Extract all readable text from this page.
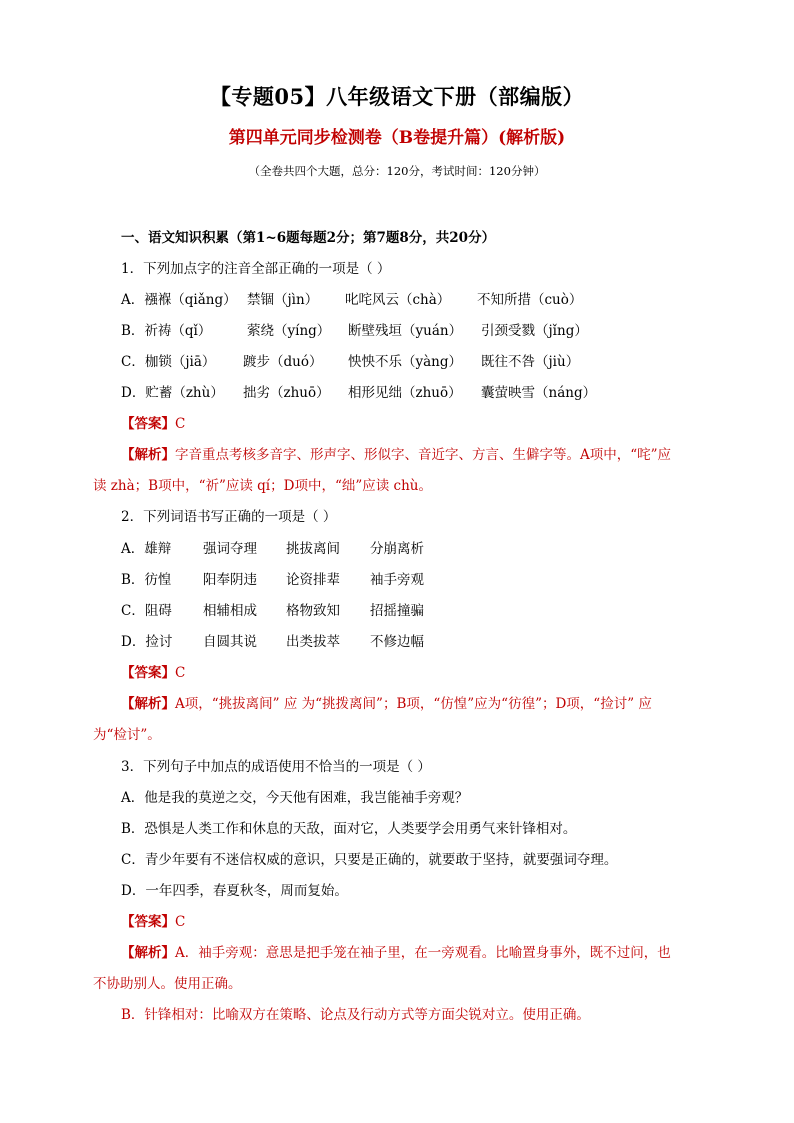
【专题05】八年级语文下册（部编版）
第四单元同步检测卷（B卷提升篇）(解析版)
（全卷共四个大题，总分：120分，考试时间：120分钟）
一、语文知识积累（第1~6题每题2分；第7题8分，共20分）
1．下列加点字的注音全部正确的一项是（ ）
A．襁褓（qiǎng） 禁锢（jìn） 叱咤风云（chà） 不知所措（cuò）
B．祈祷（qǐ）	萦绕（yíng） 断壁残垣（yuán） 引颈受戮（jǐng）
C．枷锁（jiā） 踱步（duó） 怏怏不乐（yàng） 既往不咎（jiù）
D．贮蓄（zhù） 拙劣（zhuō） 相形见绌（zhuō） 囊萤映雪（náng）
【答案】C
【解析】字音重点考核多音字、形声字、形似字、音近字、方言、生僻字等。A项中，“咤”应
读 zhà；B项中，“祈”应读 qí；D项中，“绌”应读 chù。
2．下列词语书写正确的一项是（ ）
A．雄辩 强词夺理 挑拔离间 分崩离析
B．彷惶 阳奉阴违 论资排辈 袖手旁观
C．阻碍 相辅相成 格物致知 招摇撞骗
D．捡讨 自圆其说 出类拔萃 不修边幅
【答案】C
【解析】A项，“挑拔离间” 应 为“挑拨离间”；B项，“仿惶”应为“彷徨”；D项，“捡讨” 应
为“检讨”。
3．下列句子中加点的成语使用不恰当的一项是（ ）
A．他是我的莫逆之交，今天他有困难，我岂能袖手旁观？
B．恐惧是人类工作和休息的天敌，面对它，人类要学会用勇气来针锋相对。
C．青少年要有不迷信权威的意识，只要是正确的，就要敢于坚持，就要强词夺理。
D．一年四季，春夏秋冬，周而复始。
【答案】C
【解析】A．袖手旁观：意思是把手笼在袖子里，在一旁观看。比喻置身事外，既不过问，也
不协助别人。使用正确。
B．针锋相对：比喻双方在策略、论点及行动方式等方面尖锐对立。使用正确。
